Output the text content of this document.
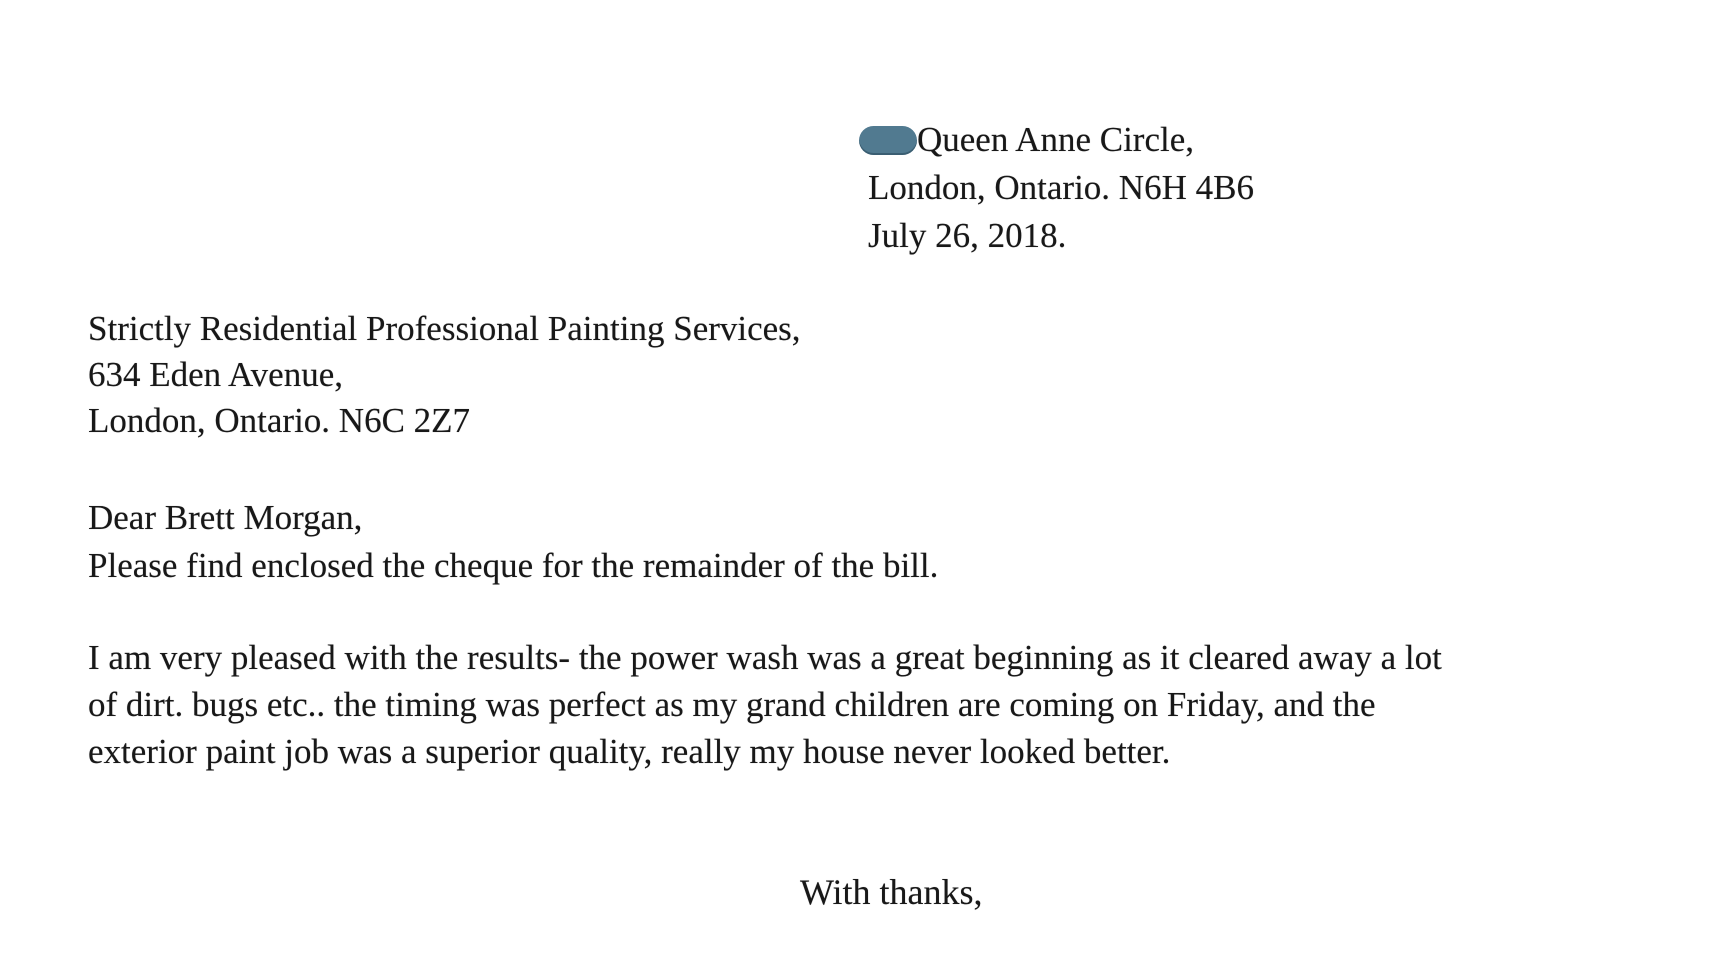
Queen Anne Circle,
London, Ontario. N6H 4B6
July 26, 2018.
Strictly Residential Professional Painting Services,
634 Eden Avenue,
London, Ontario. N6C 2Z7
Dear Brett Morgan,
Please find enclosed the cheque for the remainder of the bill.
I am very pleased with the results- the power wash was a great beginning as it cleared away a lot
of dirt. bugs etc.. the timing was perfect as my grand children are coming on Friday, and the
exterior paint job was a superior quality, really my house never looked better.
With thanks,
